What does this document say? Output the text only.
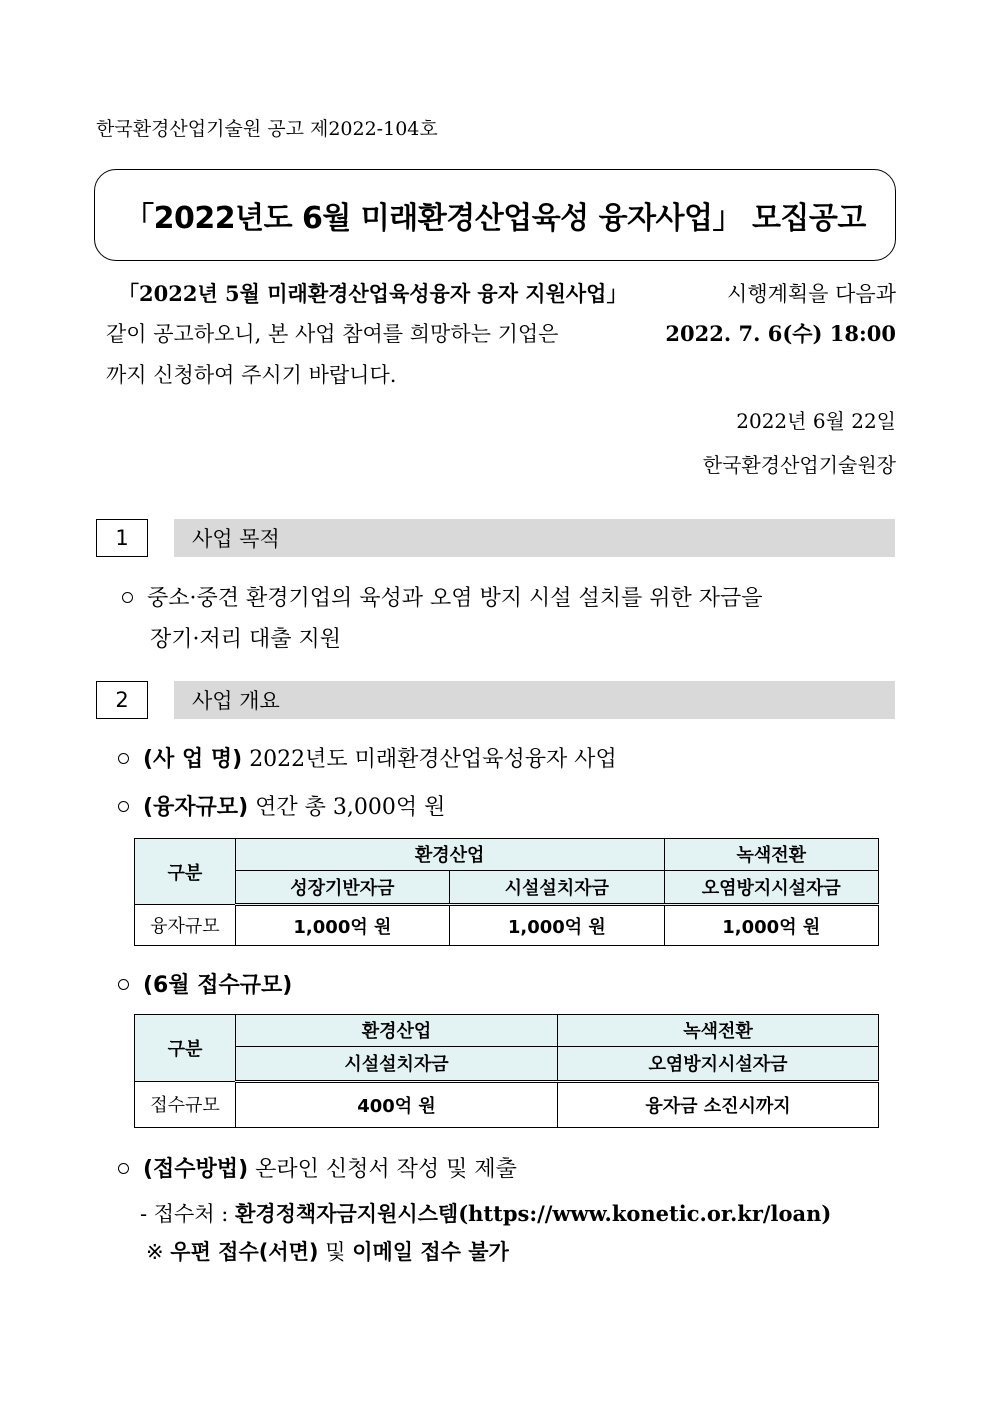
한국환경산업기술원 공고 제2022-104호
「2022년도 6월 미래환경산업육성 융자사업」 모집공고
「2022년 5월 미래환경산업육성융자 융자 지원사업」	시행계획을 다음과
같이 공고하오니, 본 사업 참여를 희망하는 기업은	2022. 7. 6(수) 18:00
까지 신청하여 주시기 바랍니다.
2022년 6월 22일
한국환경산업기술원장
1	사업 목적
중소·중견 환경기업의 육성과 오염 방지 시설 설치를 위한 자금을
장기·저리 대출 지원
2	사업 개요
(사 업 명) 2022년도 미래환경산업육성융자 사업
(융자규모) 연간 총 3,000억 원
구분	환경산업		녹색전환
	성장기반자금	시설설치자금	오염방지시설자금
융자규모	1,000억 원	1,000억 원	1,000억 원
(6월 접수규모)
구분	환경산업	녹색전환
	시설설치자금	오염방지시설자금
접수규모	400억 원	융자금 소진시까지
(접수방법) 온라인 신청서 작성 및 제출
- 접수처 : 환경정책자금지원시스템(https://www.konetic.or.kr/loan)
※ 우편 접수(서면) 및 이메일 접수 불가
